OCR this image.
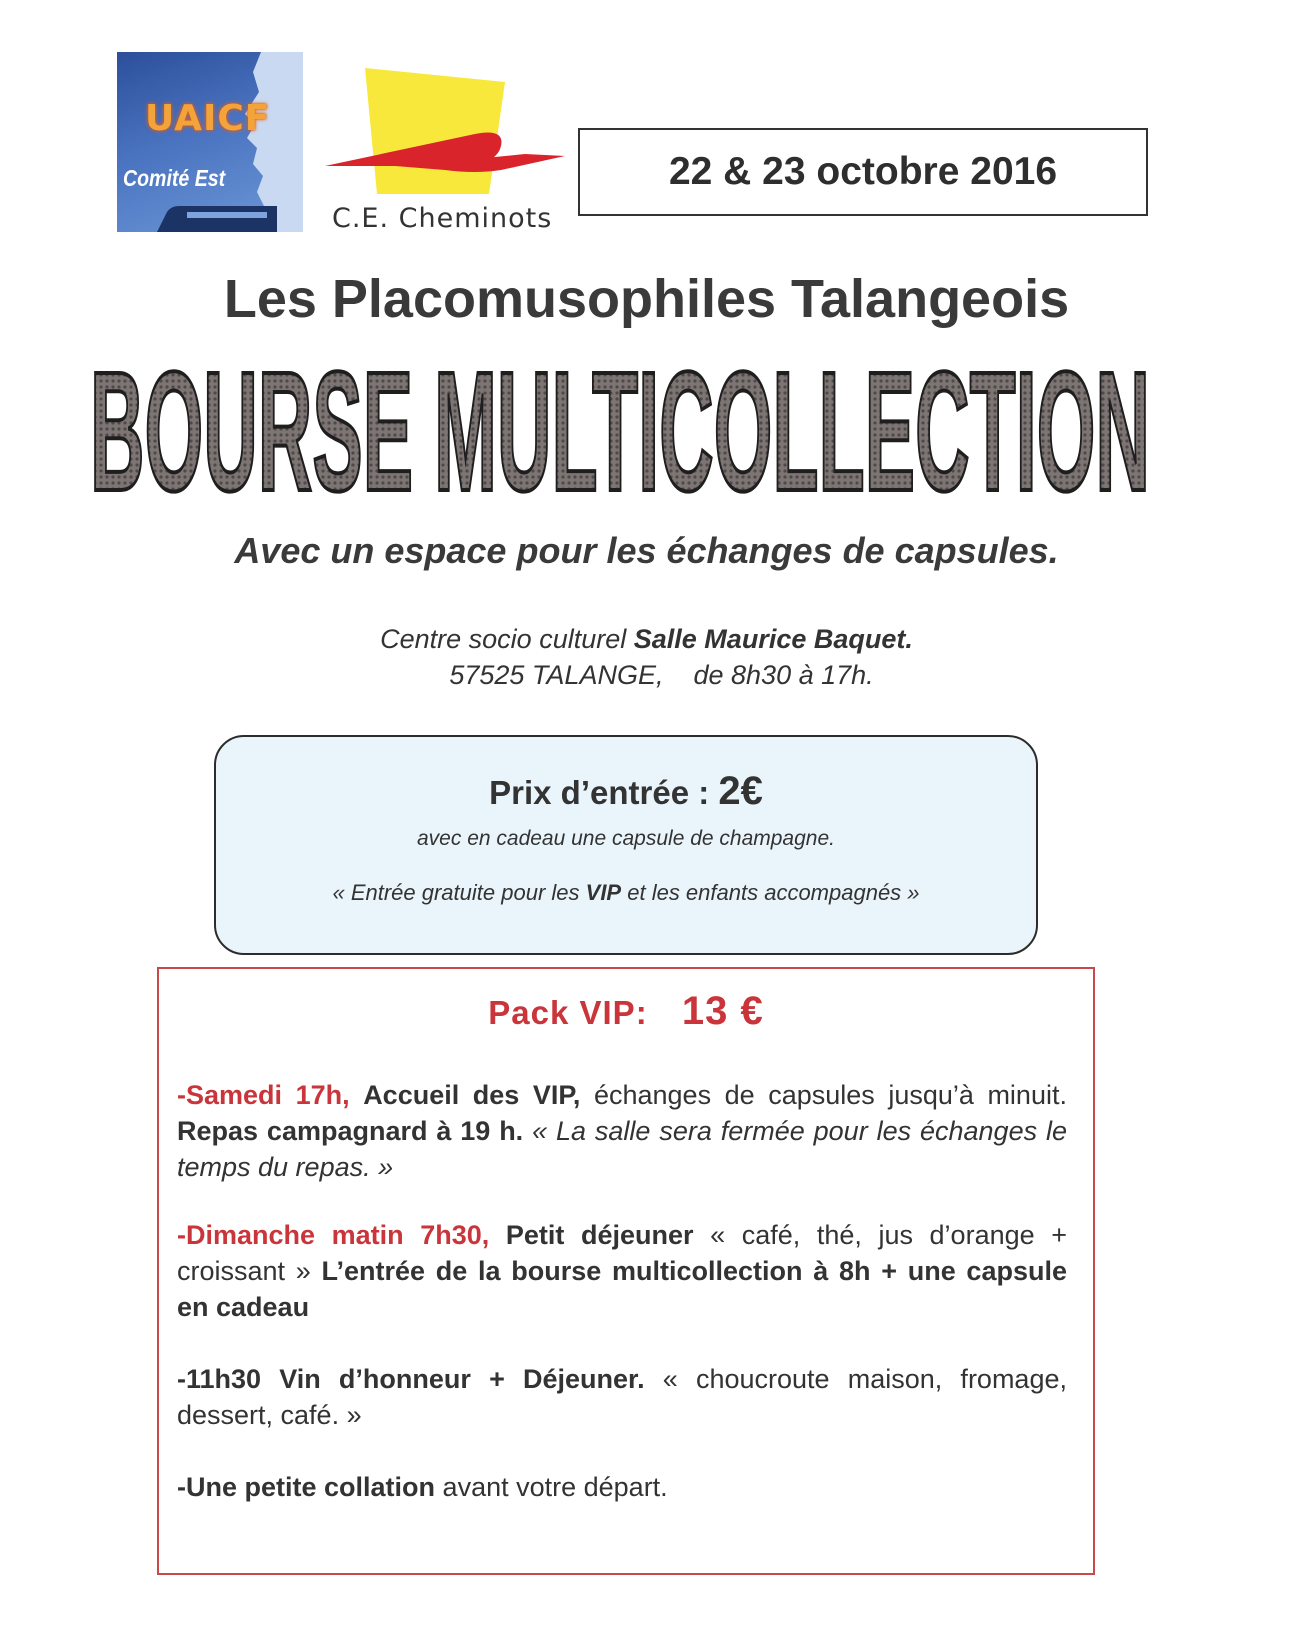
UAICF
Comité Est
C.E. Cheminots
22 & 23 octobre 2016
Les Placomusophiles Talangeois
BOURSE MULTICOLLECTION
Avec un espace pour les échanges de capsules.
Centre socio culturel Salle Maurice Baquet.
57525 TALANGE, de 8h30 à 17h.
Prix d’entrée : 2€
avec en cadeau une capsule de champagne.
« Entrée gratuite pour les VIP et les enfants accompagnés »
Pack VIP: 13 €
-Samedi 17h, Accueil des VIP, échanges de capsules jusqu’à minuit. Repas campagnard à 19 h. « La salle sera fermée pour les échanges le temps du repas. »
-Dimanche matin 7h30, Petit déjeuner « café, thé, jus d’orange + croissant » L’entrée de la bourse multicollection à 8h + une capsule en cadeau
-11h30 Vin d’honneur + Déjeuner. « choucroute maison, fromage, dessert, café. »
-Une petite collation avant votre départ.
